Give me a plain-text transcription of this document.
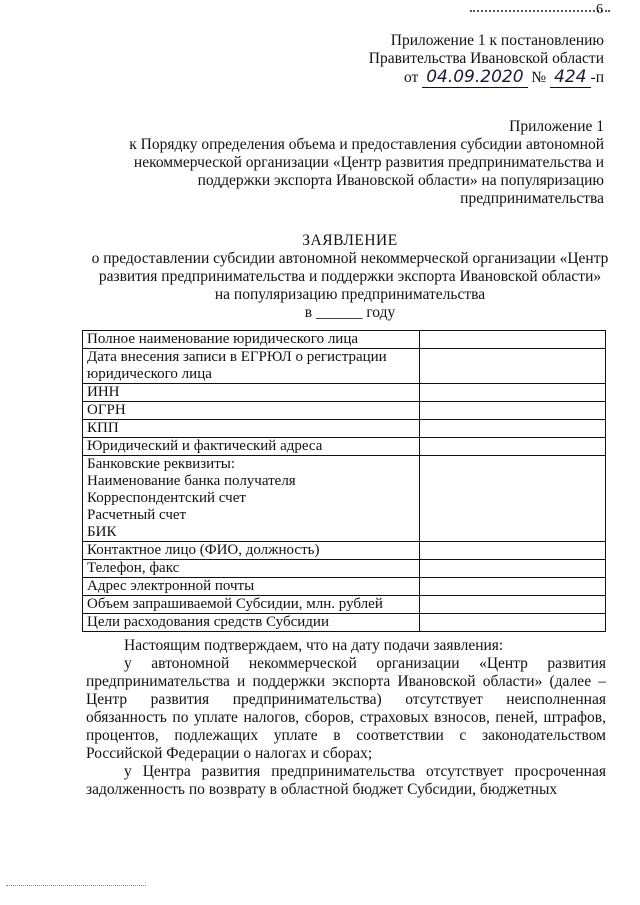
6
Приложение 1 к постановлению
Правительства Ивановской области
от 04.09.2020 № 424 -п
Приложение 1
к Порядку определения объема и предоставления субсидии автономной некоммерческой организации «Центр развития предпринимательства и поддержки экспорта Ивановской области» на популяризацию предпринимательства
ЗАЯВЛЕНИЕ
о предоставлении субсидии автономной некоммерческой организации «Центр
развития предпринимательства и поддержки экспорта Ивановской области»
на популяризацию предпринимательства
в ______ году
Полное наименование юридического лица	
Дата внесения записи в ЕГРЮЛ о регистрации юридического лица	
ИНН	
ОГРН	
КПП	
Юридический и фактический адреса	

Банковские реквизиты:
Наименование банка получателя
Корреспондентский счет
Расчетный счет
БИК	

Контактное лицо (ФИО, должность)	
Телефон, факс	
Адрес электронной почты	
Объем запрашиваемой Субсидии, млн. рублей	
Цели расходования средств Субсидии	

Настоящим подтверждаем, что на дату подачи заявления:

у автономной некоммерческой организации «Центр развития предпринимательства и поддержки экспорта Ивановской области» (далее – Центр развития предпринимательства) отсутствует неисполненная обязанность по уплате налогов, сборов, страховых взносов, пеней, штрафов, процентов, подлежащих уплате в соответствии с законодательством Российской Федерации о налогах и сборах;

у Центра развития предпринимательства отсутствует просроченная задолженность по возврату в областной бюджет Субсидии, бюджетных
